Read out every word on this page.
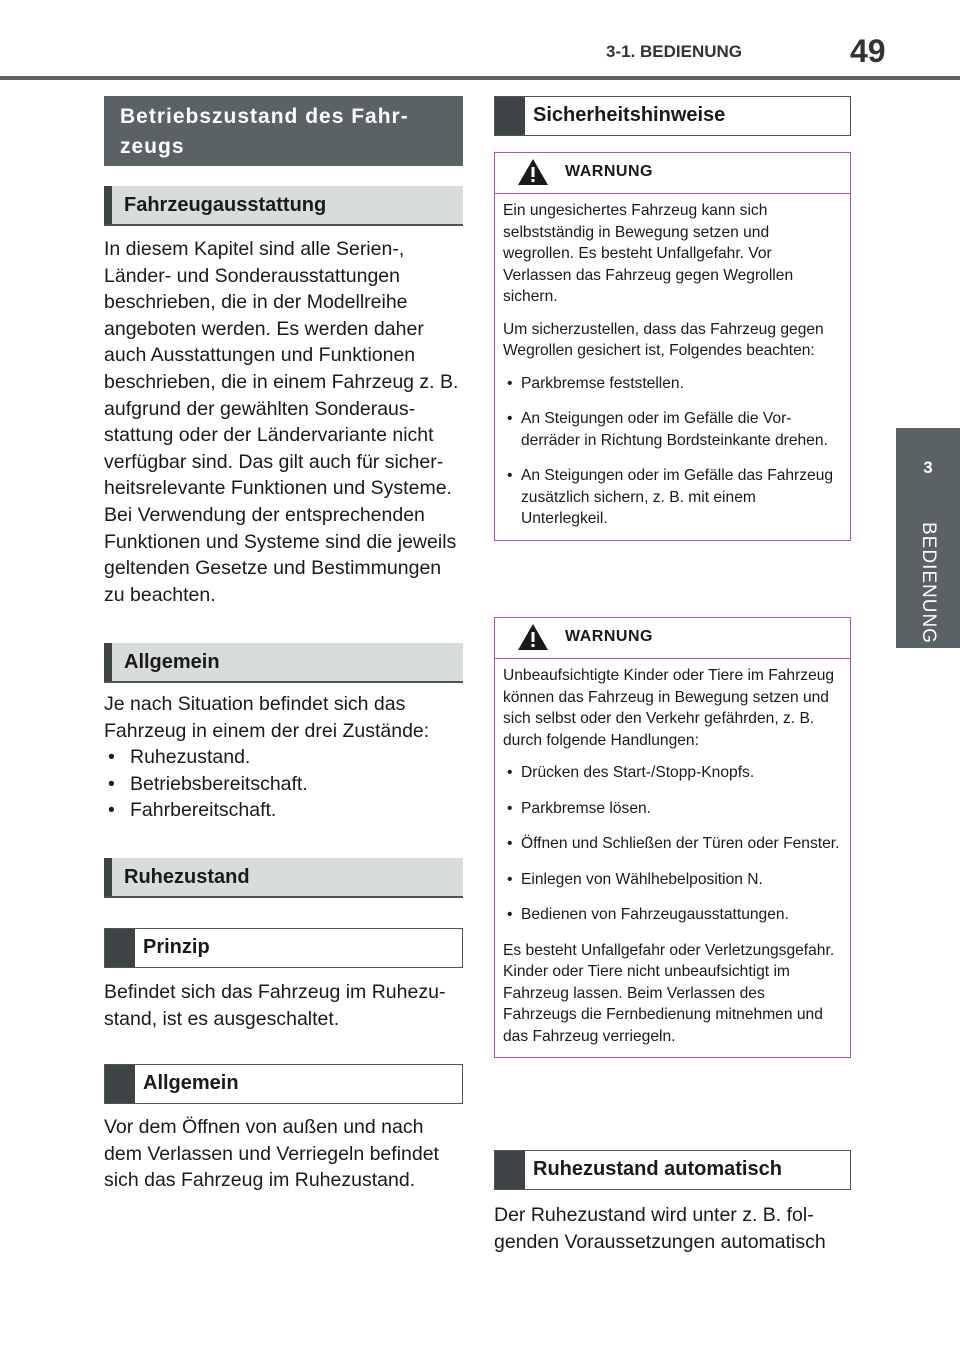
3-1. BEDIENUNG	49
3
BEDIENUNG
Betriebszustand des Fahrzeugs
Fahrzeugausstattung

In diesem Kapitel sind alle Serien-, Länder- und Sonderausstattungen beschrieben, die in der Modellreihe angeboten werden. Es werden daher auch Ausstattungen und Funktionen beschrieben, die in einem Fahrzeug z. B. aufgrund der gewählten Sonderausstattung oder der Ländervariante nicht verfügbar sind. Das gilt auch für sicherheitsrelevante Funktionen und Systeme. Bei Verwendung der entsprechenden Funktionen und Systeme sind die jeweils geltenden Gesetze und Bestimmungen zu beachten.

Allgemein
Je nach Situation befindet sich das Fahrzeug in einem der drei Zustände:
• Ruhezustand.
• Betriebsbereitschaft.
• Fahrbereitschaft.
Ruhezustand
Prinzip

Befindet sich das Fahrzeug im Ruhezustand, ist es ausgeschaltet.

Allgemein

Vor dem Öffnen von außen und nach dem Verlassen und Verriegeln befindet sich das Fahrzeug im Ruhezustand.

Sicherheitshinweise
WARNUNG

Ein ungesichertes Fahrzeug kann sich selbstständig in Bewegung setzen und wegrollen. Es besteht Unfallgefahr. Vor Verlassen das Fahrzeug gegen Wegrollen sichern.

Um sicherzustellen, dass das Fahrzeug gegen Wegrollen gesichert ist, Folgendes beachten:

• Parkbremse feststellen.
• An Steigungen oder im Gefälle die Vorderräder in Richtung Bordsteinkante drehen.
• An Steigungen oder im Gefälle das Fahrzeug zusätzlich sichern, z. B. mit einem Unterlegkeil.
WARNUNG

Unbeaufsichtigte Kinder oder Tiere im Fahrzeug können das Fahrzeug in Bewegung setzen und sich selbst oder den Verkehr gefährden, z. B. durch folgende Handlungen:

• Drücken des Start-/Stopp-Knopfs.
• Parkbremse lösen.
• Öffnen und Schließen der Türen oder Fenster.
• Einlegen von Wählhebelposition N.
• Bedienen von Fahrzeugausstattungen.

Es besteht Unfallgefahr oder Verletzungsgefahr. Kinder oder Tiere nicht unbeaufsichtigt im Fahrzeug lassen. Beim Verlassen des Fahrzeugs die Fernbedienung mitnehmen und das Fahrzeug verriegeln.

Ruhezustand automatisch

Der Ruhezustand wird unter z. B. folgenden Voraussetzungen automatisch
